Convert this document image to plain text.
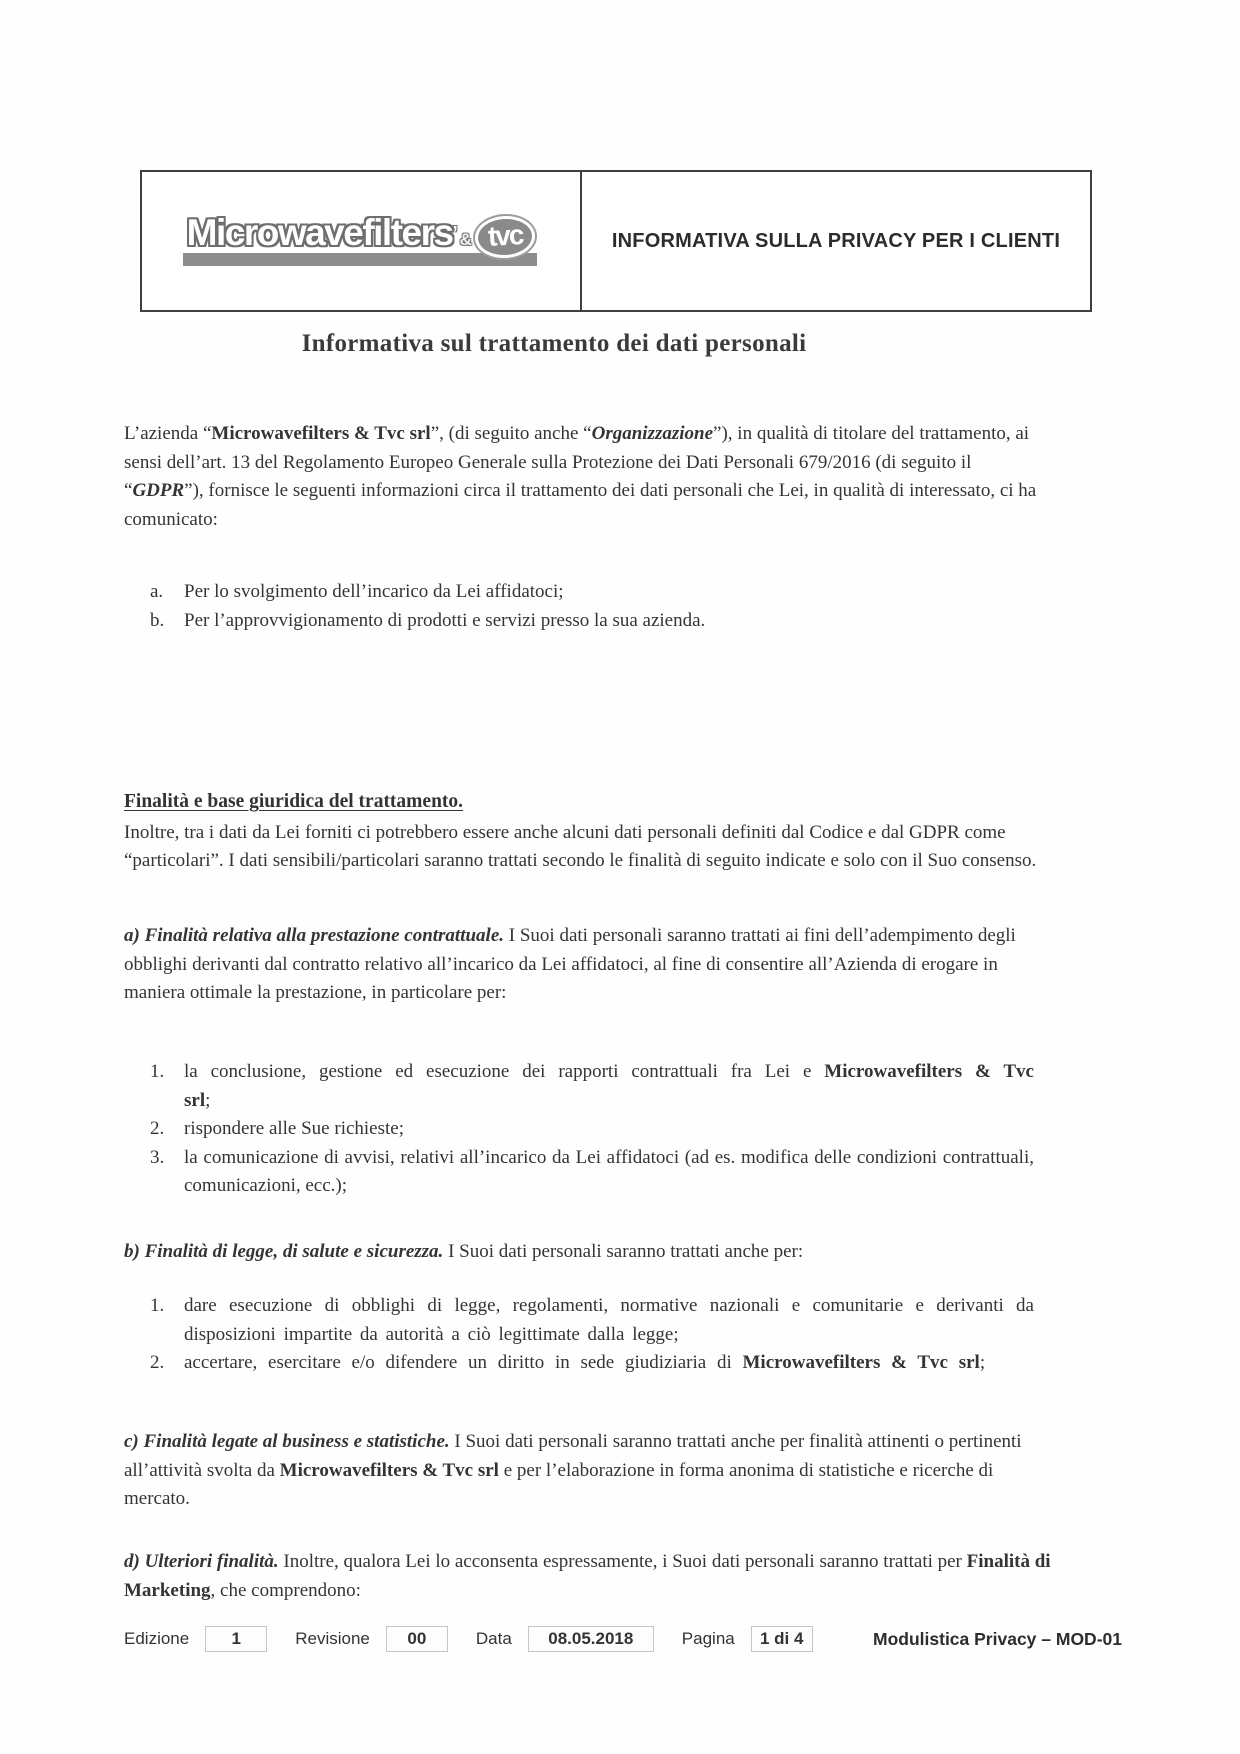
Microwavefilters’ & tvc	INFORMATIVA SULLA PRIVACY PER I CLIENTI
Informativa sul trattamento dei dati personali

L’azienda “Microwavefilters & Tvc srl”, (di seguito anche “Organizzazione”), in qualità di titolare del trattamento, ai sensi dell’art. 13 del Regolamento Europeo Generale sulla Protezione dei Dati Personali 679/2016 (di seguito il “GDPR”), fornisce le seguenti informazioni circa il trattamento dei dati personali che Lei, in qualità di interessato, ci ha comunicato:

a.	Per lo svolgimento dell’incarico da Lei affidatoci;
b.	Per l’approvvigionamento di prodotti e servizi presso la sua azienda.
Finalità e base giuridica del trattamento.

Inoltre, tra i dati da Lei forniti ci potrebbero essere anche alcuni dati personali definiti dal Codice e dal GDPR come “particolari”. I dati sensibili/particolari saranno trattati secondo le finalità di seguito indicate e solo con il Suo consenso.

a) Finalità relativa alla prestazione contrattuale. I Suoi dati personali saranno trattati ai fini dell’adempimento degli obblighi derivanti dal contratto relativo all’incarico da Lei affidatoci, al fine di consentire all’Azienda di erogare in maniera ottimale la prestazione, in particolare per:

1.	la conclusione, gestione ed esecuzione dei rapporti contrattuali fra Lei e Microwavefilters & Tvc srl;
2.	rispondere alle Sue richieste;
3.	la comunicazione di avvisi, relativi all’incarico da Lei affidatoci (ad es. modifica delle condizioni contrattuali, comunicazioni, ecc.);

b) Finalità di legge, di salute e sicurezza. I Suoi dati personali saranno trattati anche per:

1.	dare esecuzione di obblighi di legge, regolamenti, normative nazionali e comunitarie e derivanti da disposizioni impartite da autorità a ciò legittimate dalla legge;
2.	accertare, esercitare e/o difendere un diritto in sede giudiziaria di Microwavefilters & Tvc srl;

c) Finalità legate al business e statistiche. I Suoi dati personali saranno trattati anche per finalità attinenti o pertinenti all’attività svolta da Microwavefilters & Tvc srl e per l’elaborazione in forma anonima di statistiche e ricerche di mercato.

d) Ulteriori finalità. Inoltre, qualora Lei lo acconsenta espressamente, i Suoi dati personali saranno trattati per Finalità di Marketing, che comprendono:

Edizione	1	Revisione	00	Data	08.05.2018	Pagina	1 di 4	Modulistica Privacy – MOD-01
